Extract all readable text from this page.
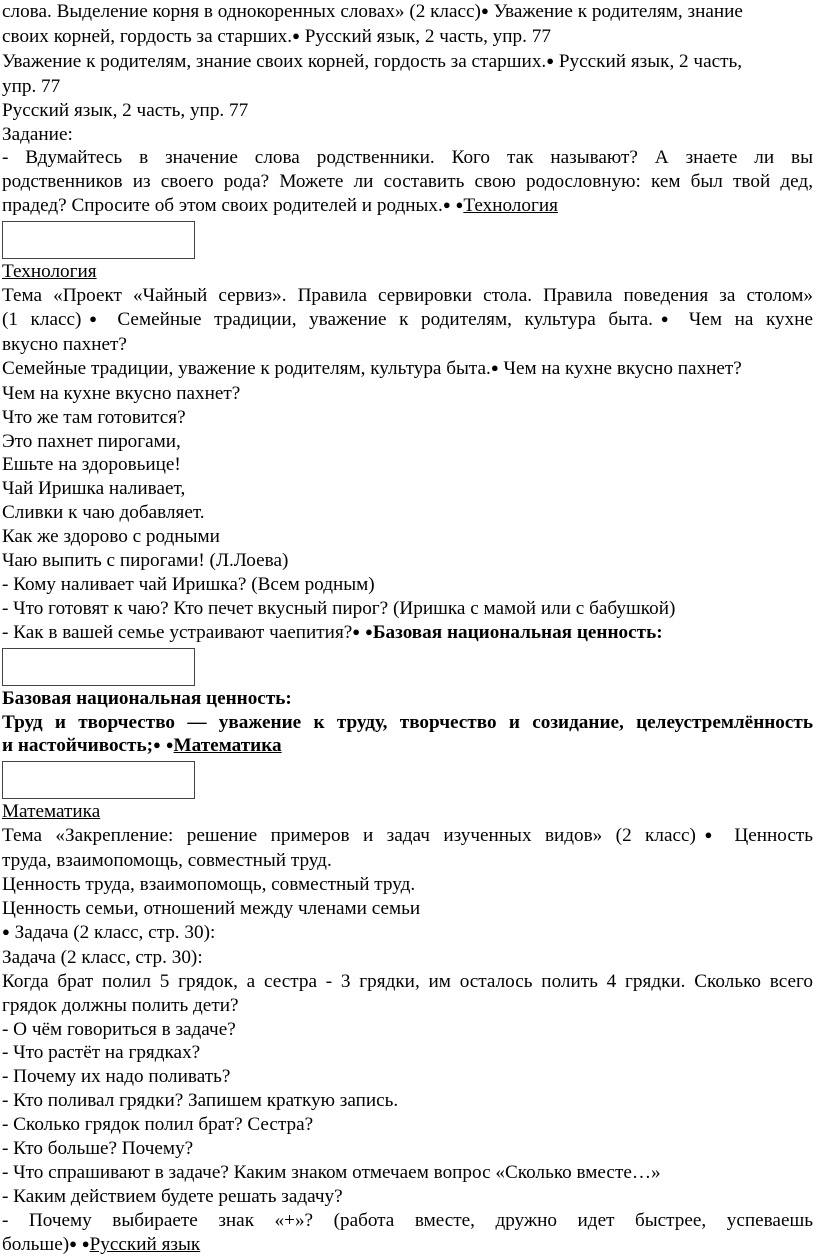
слова. Выделение корня в однокоренных словах» (2 класс)● Уважение к родителям, знание
своих корней, гордость за старших.● Русский язык, 2 часть, упр. 77
Уважение к родителям, знание своих корней, гордость за старших.● Русский язык, 2 часть,
упр. 77
Русский язык, 2 часть, упр. 77
Задание:
- Вдумайтесь в значение слова родственники. Кого так называют? А знаете ли вы
родственников из своего рода? Можете ли составить свою родословную: кем был твой дед,
прадед? Спросите об этом своих родителей и родных.● ●Технология
Технология
Тема «Проект «Чайный сервиз». Правила сервировки стола. Правила поведения за столом»
(1 класс)● Семейные традиции, уважение к родителям, культура быта.● Чем на кухне
вкусно пахнет?
Семейные традиции, уважение к родителям, культура быта.● Чем на кухне вкусно пахнет?
Чем на кухне вкусно пахнет?
Что же там готовится?
Это пахнет пирогами,
Ешьте на здоровьице!
Чай Иришка наливает,
Сливки к чаю добавляет.
Как же здорово с родными
Чаю выпить с пирогами! (Л.Лоева)
- Кому наливает чай Иришка? (Всем родным)
- Что готовят к чаю? Кто печет вкусный пирог? (Иришка с мамой или с бабушкой)
- Как в вашей семье устраивают чаепития?● ●Базовая национальная ценность:
Базовая национальная ценность:
Труд и творчество — уважение к труду, творчество и созидание, целеустремлённость
и настойчивость;● ●Математика
Математика
Тема «Закрепление: решение примеров и задач изученных видов» (2 класс)● Ценность
труда, взаимопомощь, совместный труд.
Ценность труда, взаимопомощь, совместный труд.
Ценность семьи, отношений между членами семьи
● Задача (2 класс, стр. 30):
Задача (2 класс, стр. 30):
Когда брат полил 5 грядок, а сестра - 3 грядки, им осталось полить 4 грядки. Сколько всего
грядок должны полить дети?
- О чём говориться в задаче?
- Что растёт на грядках?
- Почему их надо поливать?
- Кто поливал грядки? Запишем краткую запись.
- Сколько грядок полил брат? Сестра?
- Кто больше? Почему?
- Что спрашивают в задаче? Каким знаком отмечаем вопрос «Сколько вместе…»
- Каким действием будете решать задачу?
- Почему выбираете знак «+»? (работа вместе, дружно идет быстрее, успеваешь
больше)● ●Русский язык
